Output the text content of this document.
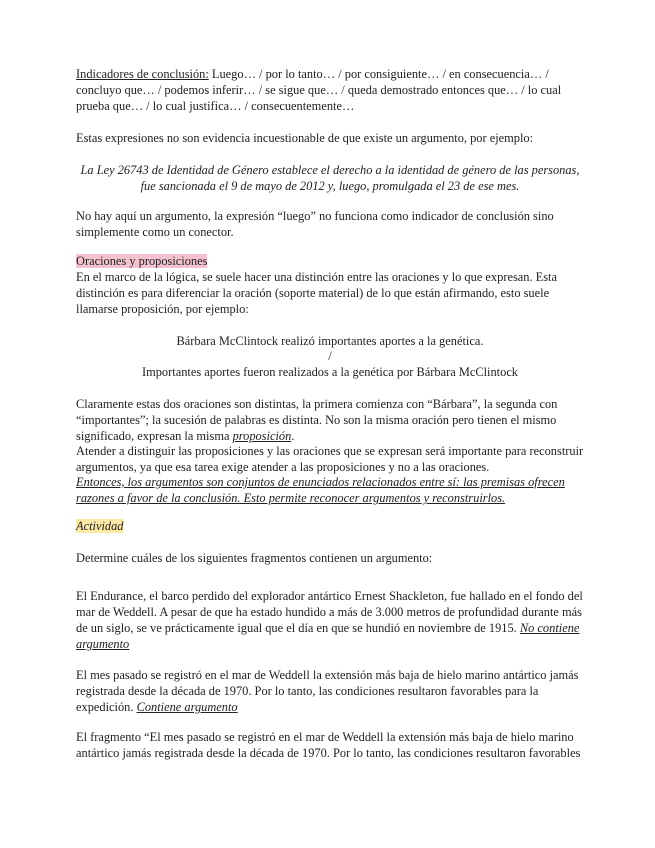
Indicadores de conclusión: Luego… / por lo tanto… / por consiguiente… / en consecuencia… / concluyo que… / podemos inferir… / se sigue que… / queda demostrado entonces que… / lo cual prueba que… / lo cual justifica… / consecuentemente…

Estas expresiones no son evidencia incuestionable de que existe un argumento, por ejemplo:

La Ley 26743 de Identidad de Género establece el derecho a la identidad de género de las personas, fue sancionada el 9 de mayo de 2012 y, luego, promulgada el 23 de ese mes.

No hay aquí un argumento, la expresión “luego” no funciona como indicador de conclusión sino simplemente como un conector.

Oraciones y proposiciones

En el marco de la lógica, se suele hacer una distinción entre las oraciones y lo que expresan. Esta distinción es para diferenciar la oración (soporte material) de lo que están afirmando, esto suele llamarse proposición, por ejemplo:

Bárbara McClintock realizó importantes aportes a la genética.

/

Importantes aportes fueron realizados a la genética por Bárbara McClintock

Claramente estas dos oraciones son distintas, la primera comienza con “Bárbara”, la segunda con “importantes”; la sucesión de palabras es distinta. No son la misma oración pero tienen el mismo significado, expresan la misma proposición.

Atender a distinguir las proposiciones y las oraciones que se expresan será importante para reconstruir argumentos, ya que esa tarea exige atender a las proposiciones y no a las oraciones.

Entonces, los argumentos son conjuntos de enunciados relacionados entre sí: las premisas ofrecen razones a favor de la conclusión. Esto permite reconocer argumentos y reconstruirlos.

Actividad

Determine cuáles de los siguientes fragmentos contienen un argumento:

El Endurance, el barco perdido del explorador antártico Ernest Shackleton, fue hallado en el fondo del mar de Weddell. A pesar de que ha estado hundido a más de 3.000 metros de profundidad durante más de un siglo, se ve prácticamente igual que el día en que se hundió en noviembre de 1915. No contiene argumento

El mes pasado se registró en el mar de Weddell la extensión más baja de hielo marino antártico jamás registrada desde la década de 1970. Por lo tanto, las condiciones resultaron favorables para la expedición. Contiene argumento

El fragmento “El mes pasado se registró en el mar de Weddell la extensión más baja de hielo marino antártico jamás registrada desde la década de 1970. Por lo tanto, las condiciones resultaron favorables
